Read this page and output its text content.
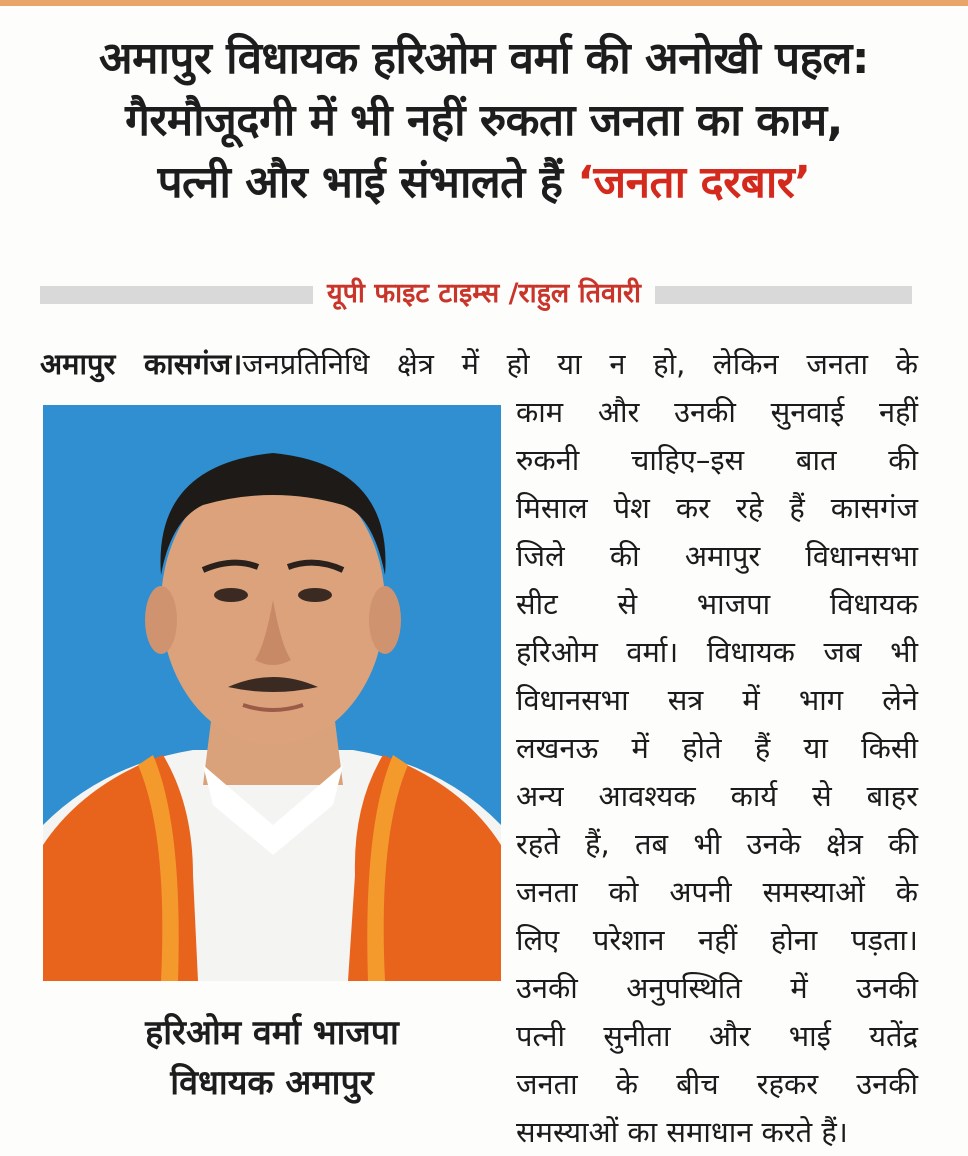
अमापुर विधायक हरिओम वर्मा की अनोखी पहल:
गैरमौजूदगी में भी नहीं रुकता जनता का काम,
पत्नी और भाई संभालते हैं ‘जनता दरबार’
यूपी फाइट टाइम्स /राहुल तिवारी
अमापुर कासगंज।जनप्रतिनिधि क्षेत्र में हो या न हो, लेकिन जनता के
हरिओम वर्मा भाजपा
विधायक अमापुर
काम और उनकी सुनवाई नहीं
रुकनी चाहिए–इस बात की
मिसाल पेश कर रहे हैं कासगंज
जिले की अमापुर विधानसभा
सीट से भाजपा विधायक
हरिओम वर्मा। विधायक जब भी
विधानसभा सत्र में भाग लेने
लखनऊ में होते हैं या किसी
अन्य आवश्यक कार्य से बाहर
रहते हैं, तब भी उनके क्षेत्र की
जनता को अपनी समस्याओं के
लिए परेशान नहीं होना पड़ता।
उनकी अनुपस्थिति में उनकी
पत्नी सुनीता और भाई यतेंद्र
जनता के बीच रहकर उनकी
समस्याओं का समाधान करते हैं।
